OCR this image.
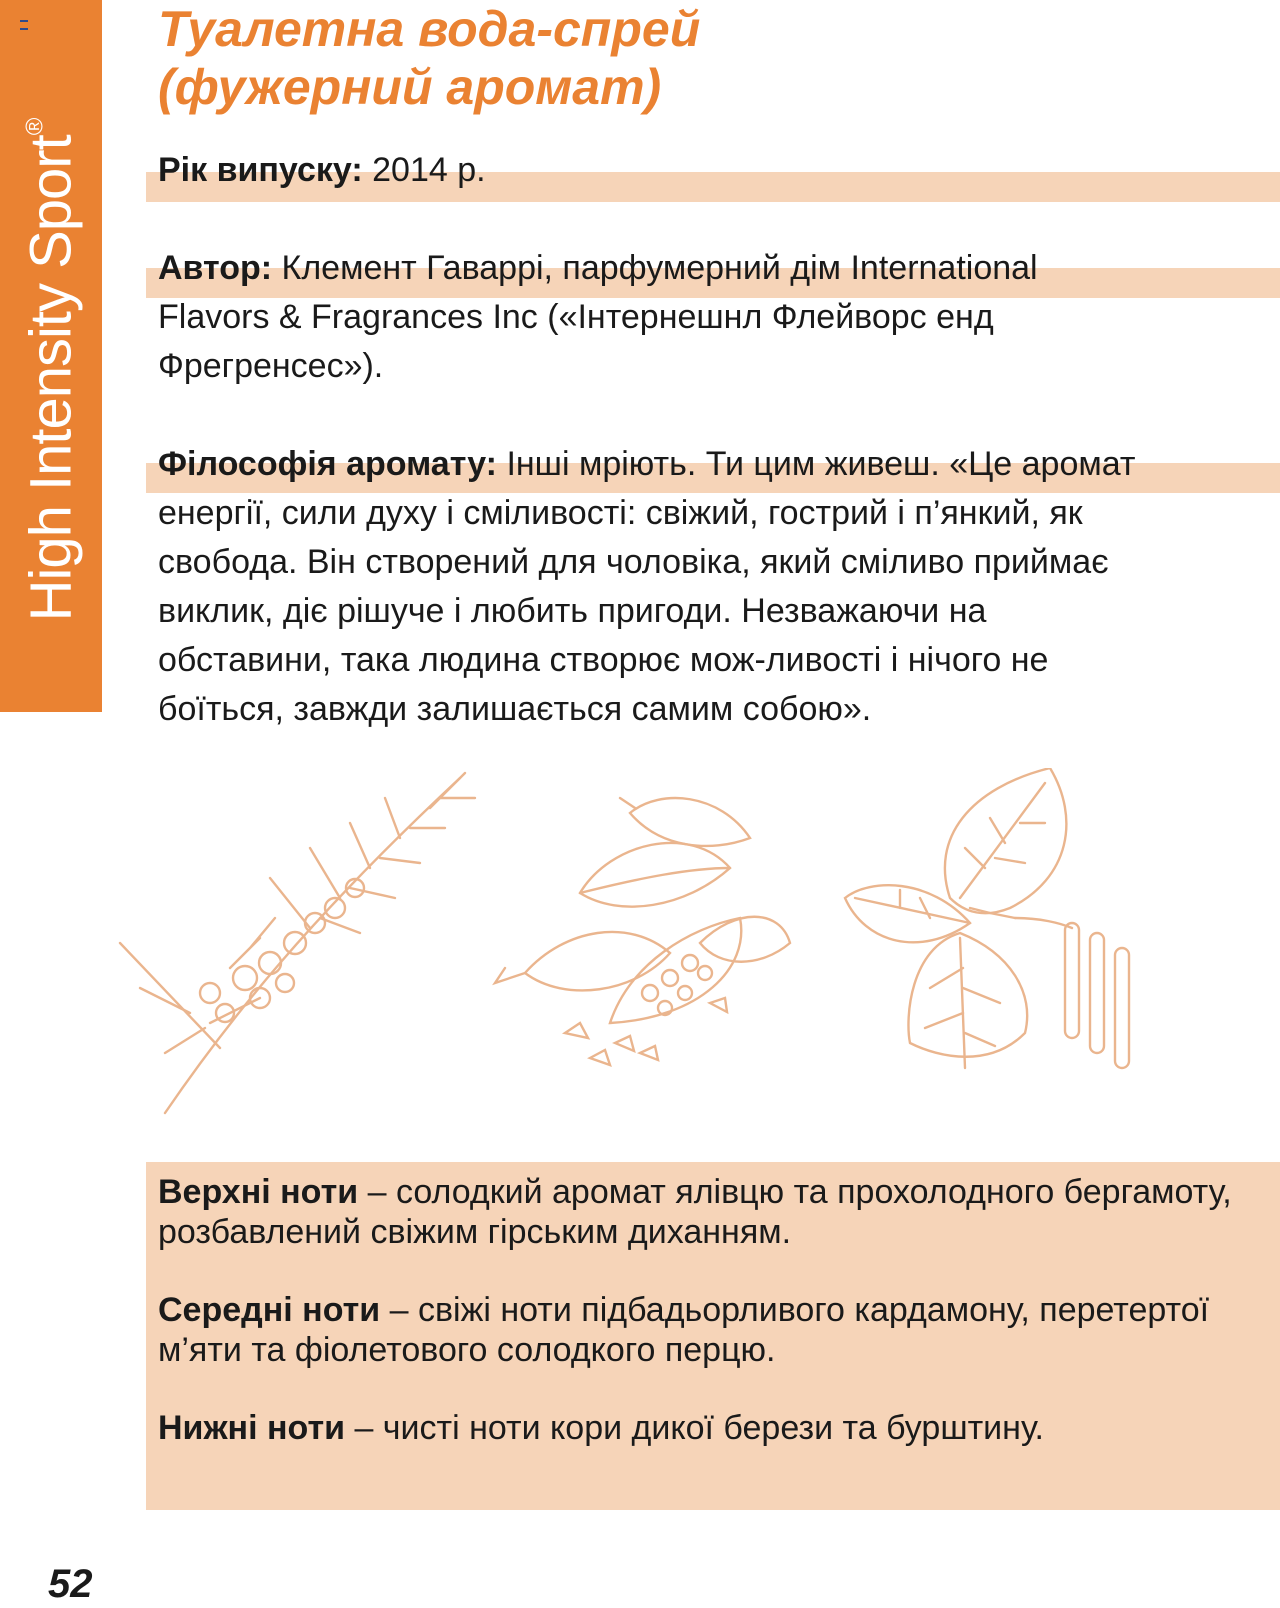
High Intensity Sport®
Туалетна вода-спрей
(фужерний аромат)
Рік випуску: 2014 р.
Автор: Клемент Гаваррі, парфумерний дім International Flavors & Fragrances Inc («Інтернешнл Флейворс енд Фрегренсес»).
Філософія аромату: Інші мріють. Ти цим живеш. «Це аромат енергії, сили духу і сміливості: свіжий, гострий і п’янкий, як свобода. Він створений для чоловіка, який сміливо приймає виклик, діє рішуче і любить пригоди. Незважаючи на обставини, така людина створює мож-ливості і нічого не боїться, завжди залишається самим собою».
Верхні ноти – солодкий аромат ялівцю та прохолодного бергамоту, розбавлений свіжим гірським диханням.
Середні ноти – свіжі ноти підбадьорливого кардамону, перетертої м’яти та фіолетового солодкого перцю.
Нижні ноти – чисті ноти кори дикої берези та бурштину.
52
